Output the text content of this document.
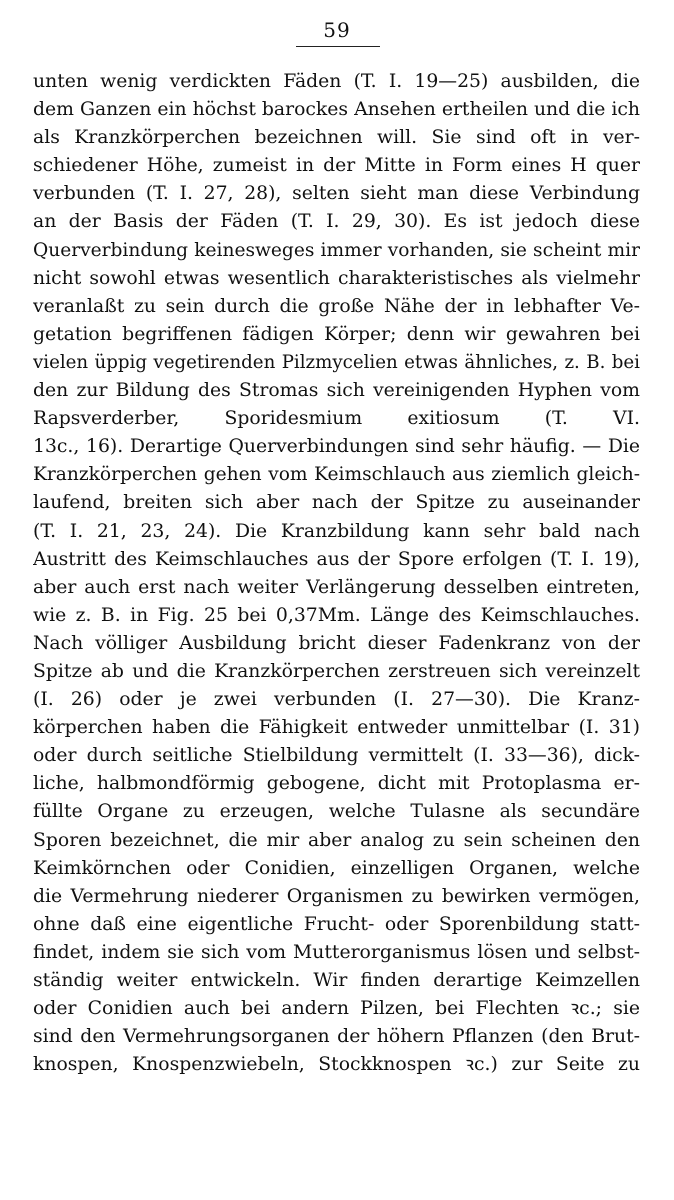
59
unten wenig verdickten Fäden (T. I. 19—25) ausbilden, die
dem Ganzen ein höchst barockes Ansehen ertheilen und die ich
als Kranzkörperchen bezeichnen will. Sie sind oft in ver-
schiedener Höhe, zumeist in der Mitte in Form eines H quer
verbunden (T. I. 27, 28), selten sieht man diese Verbindung
an der Basis der Fäden (T. I. 29, 30). Es ist jedoch diese
Querverbindung keinesweges immer vorhanden, sie scheint mir
nicht sowohl etwas wesentlich charakteristisches als vielmehr
veranlaßt zu sein durch die große Nähe der in lebhafter Ve-
getation begriffenen fädigen Körper; denn wir gewahren bei
vielen üppig vegetirenden Pilzmycelien etwas ähnliches, z. B. bei
den zur Bildung des Stromas sich vereinigenden Hyphen vom
Rapsverderber, Sporidesmium exitiosum (T. VI.
13c., 16). Derartige Querverbindungen sind sehr häufig. — Die
Kranzkörperchen gehen vom Keimschlauch aus ziemlich gleich-
laufend, breiten sich aber nach der Spitze zu auseinander
(T. I. 21, 23, 24). Die Kranzbildung kann sehr bald nach
Austritt des Keimschlauches aus der Spore erfolgen (T. I. 19),
aber auch erst nach weiter Verlängerung desselben eintreten,
wie z. B. in Fig. 25 bei 0,37Mm. Länge des Keimschlauches.
Nach völliger Ausbildung bricht dieser Fadenkranz von der
Spitze ab und die Kranzkörperchen zerstreuen sich vereinzelt
(I. 26) oder je zwei verbunden (I. 27—30). Die Kranz-
körperchen haben die Fähigkeit entweder unmittelbar (I. 31)
oder durch seitliche Stielbildung vermittelt (I. 33—36), dick-
liche, halbmondförmig gebogene, dicht mit Protoplasma er-
füllte Organe zu erzeugen, welche Tulasne als secundäre
Sporen bezeichnet, die mir aber analog zu sein scheinen den
Keimkörnchen oder Conidien, einzelligen Organen, welche
die Vermehrung niederer Organismen zu bewirken vermögen,
ohne daß eine eigentliche Frucht- oder Sporenbildung statt-
findet, indem sie sich vom Mutterorganismus lösen und selbst-
ständig weiter entwickeln. Wir finden derartige Keimzellen
oder Conidien auch bei andern Pilzen, bei Flechten ꝛc.; sie
sind den Vermehrungsorganen der höhern Pflanzen (den Brut-
knospen, Knospenzwiebeln, Stockknospen ꝛc.) zur Seite zu
